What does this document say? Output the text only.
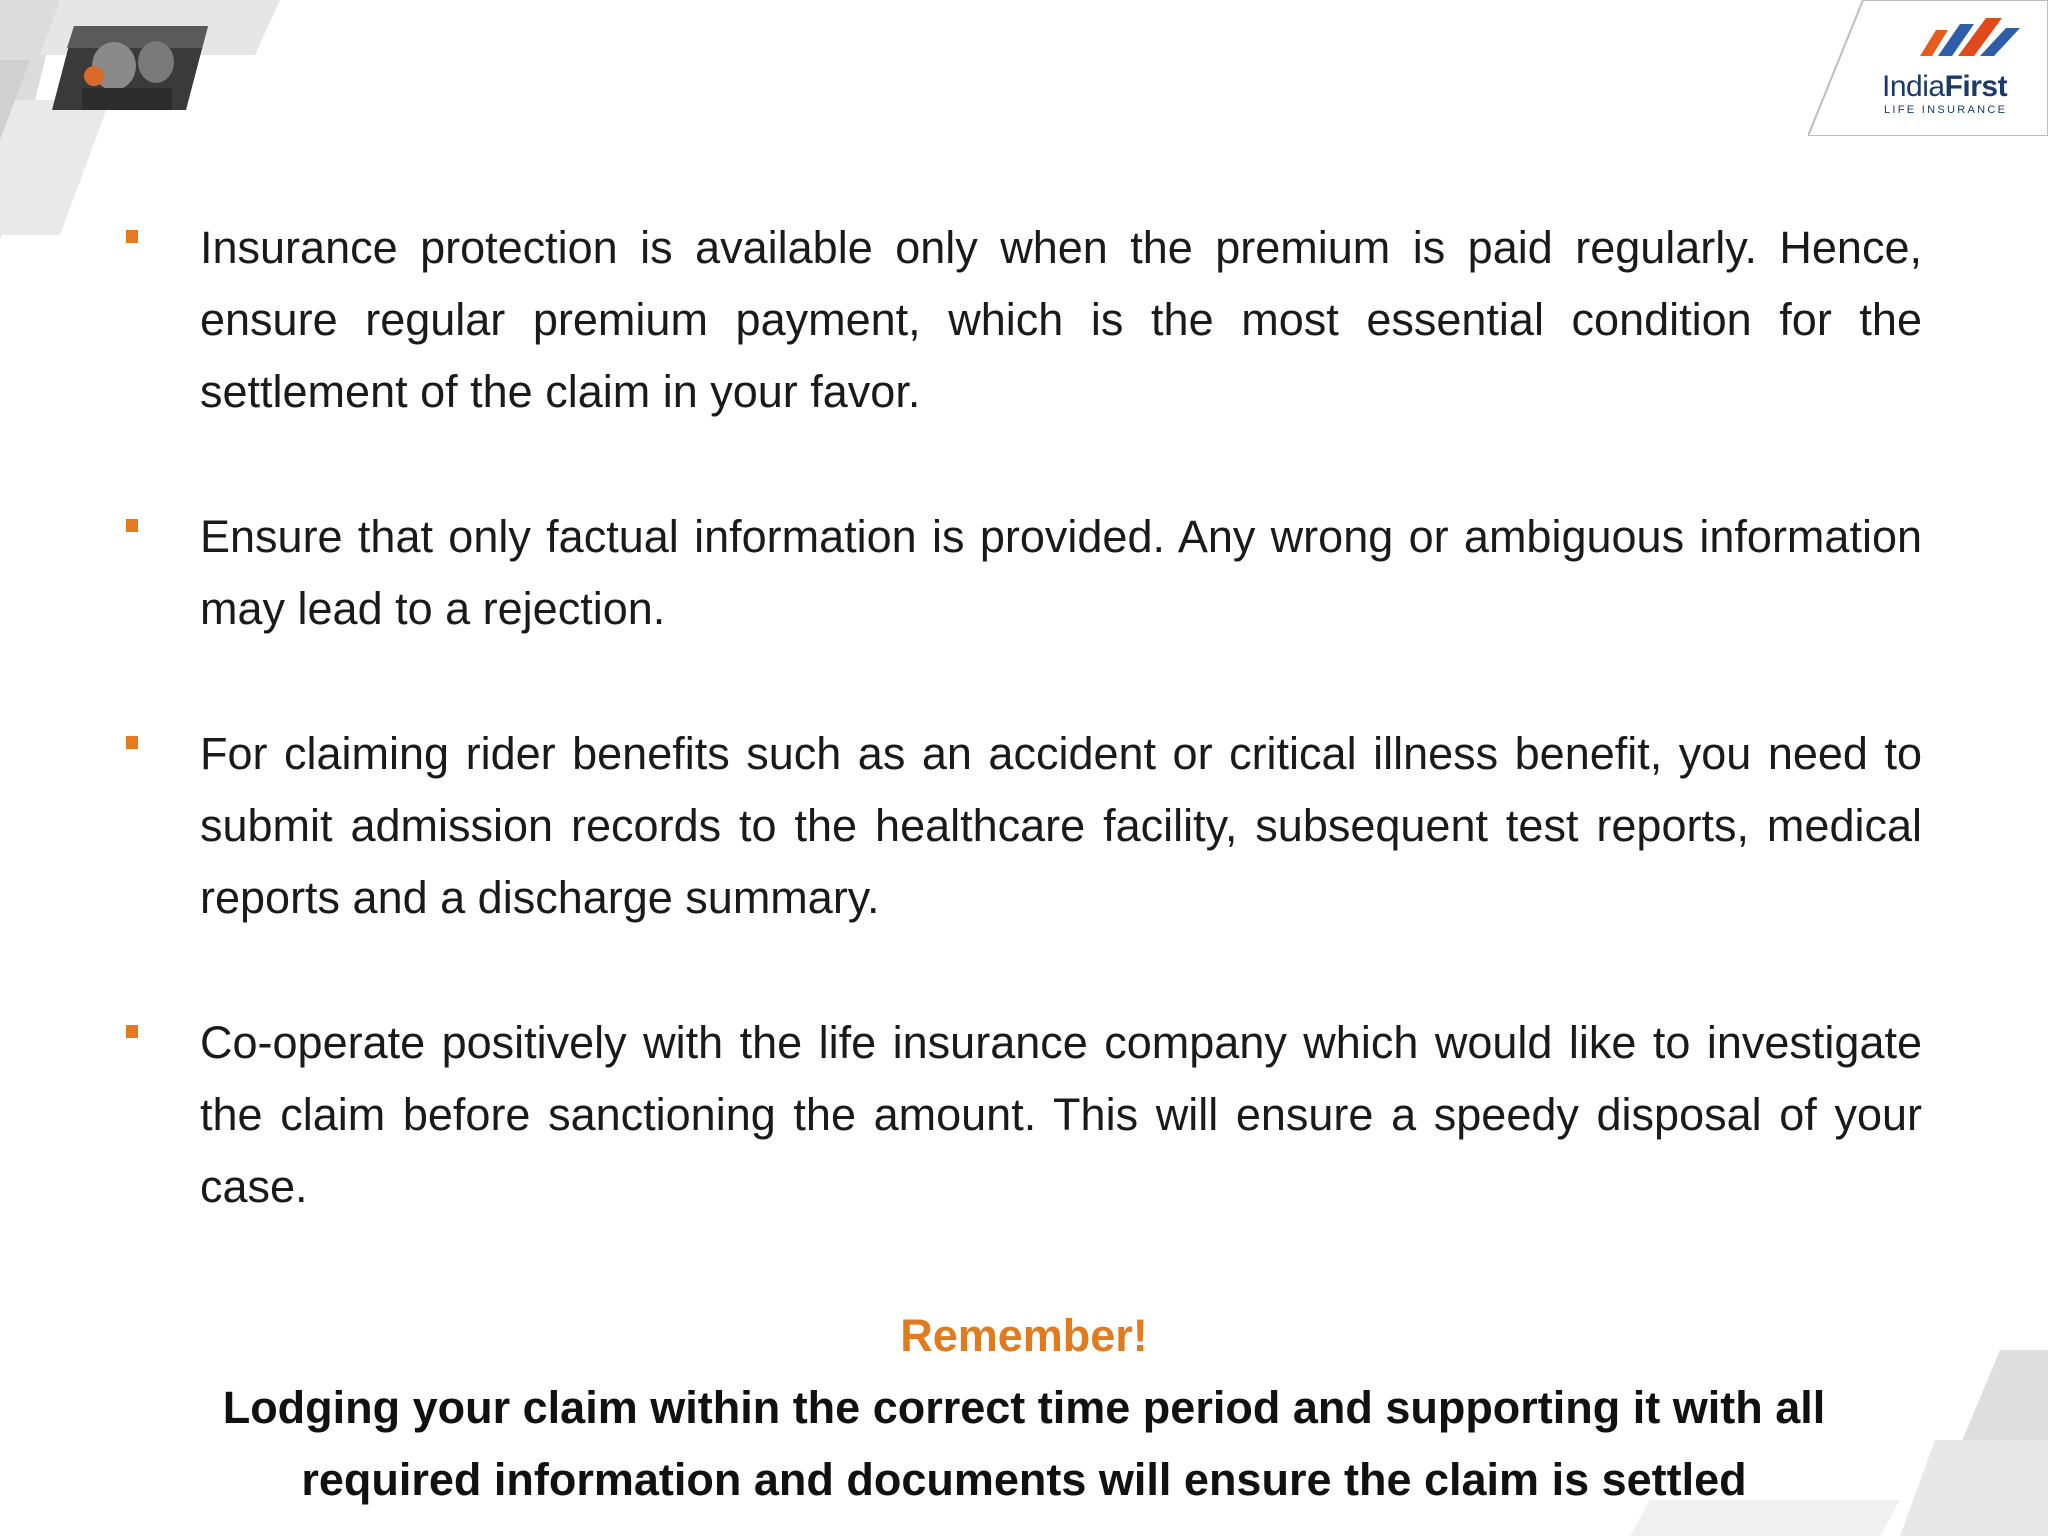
IndiaFirst
LIFE INSURANCE
Insurance protection is available only when the premium is paid regularly. Hence, ensure regular premium payment, which is the most essential condition for the settlement of the claim in your favor.
Ensure that only factual information is provided. Any wrong or ambiguous information may lead to a rejection.
For claiming rider benefits such as an accident or critical illness benefit, you need to submit admission records to the healthcare facility, subsequent test reports, medical reports and a discharge summary.
Co-operate positively with the life insurance company which would like to investigate the claim before sanctioning the amount. This will ensure a speedy disposal of your case.
Remember!
Lodging your claim within the correct time period and supporting it with all required information and documents will ensure the claim is settled
